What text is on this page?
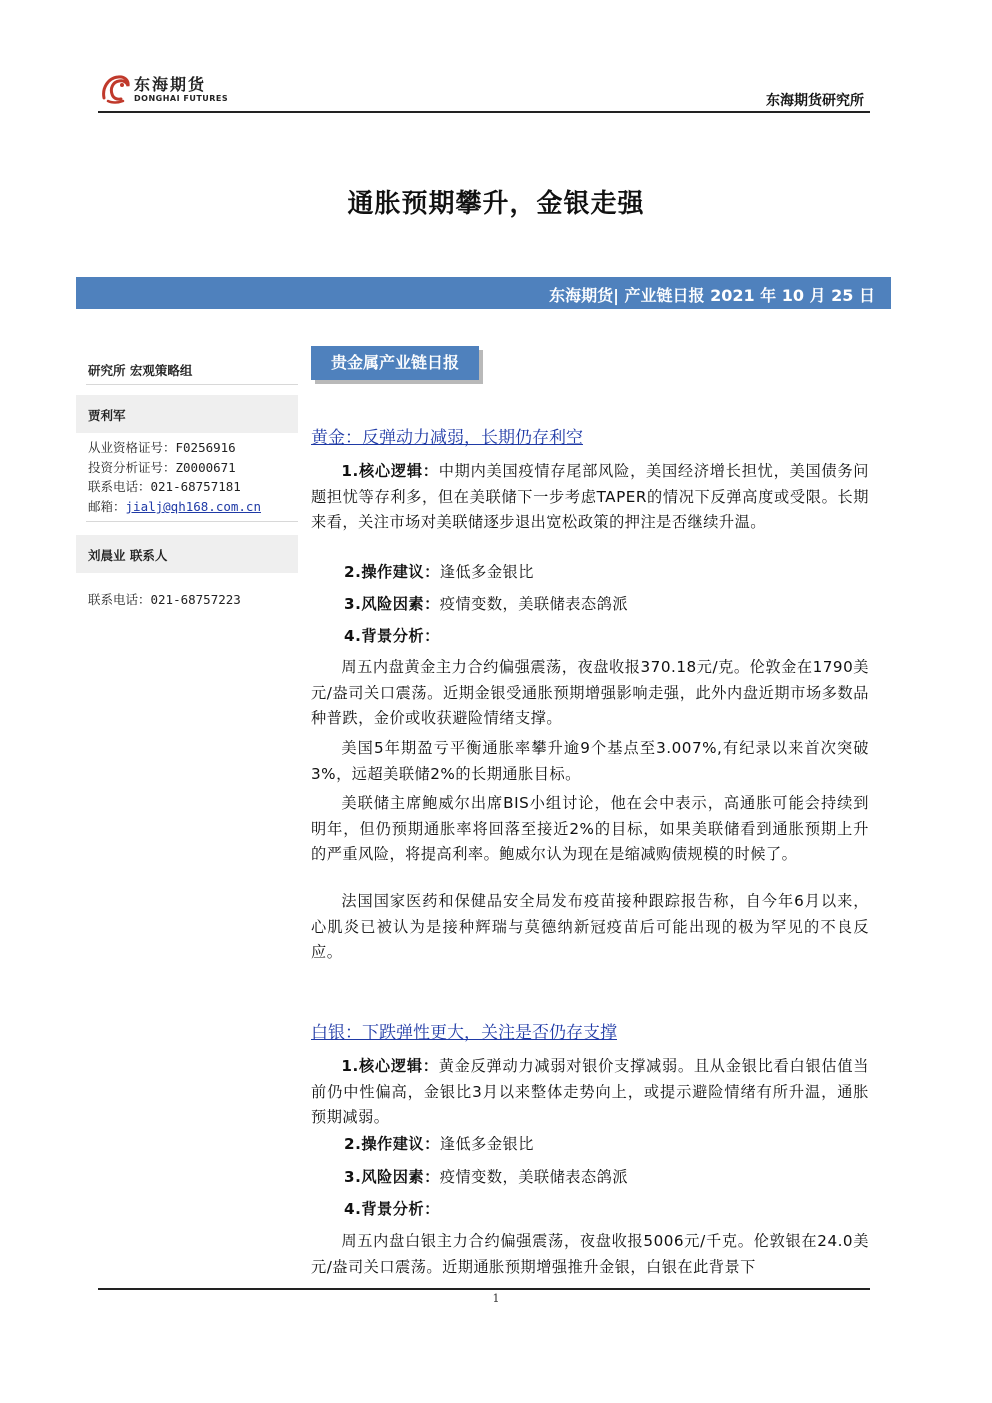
东海期货
DONGHAI FUTURES	东海期货研究所
通胀预期攀升，金银走强
东海期货| 产业链日报 2021 年 10 月 25 日
研究所 宏观策略组
贾利军
从业资格证号：F0256916
投资分析证号：Z0000671
联系电话：021-68757181
邮箱：jialj@qh168.com.cn
刘晨业 联系人
联系电话：021-68757223
贵金属产业链日报
黄金：反弹动力减弱，长期仍存利空
1.核心逻辑：中期内美国疫情存尾部风险，美国经济增长担忧，美国债务问题担忧等存利多，但在美联储下一步考虑TAPER的情况下反弹高度或受限。长期来看，关注市场对美联储逐步退出宽松政策的押注是否继续升温。
2.操作建议：逢低多金银比
3.风险因素：疫情变数，美联储表态鸽派
4.背景分析：
周五内盘黄金主力合约偏强震荡，夜盘收报370.18元/克。伦敦金在1790美元/盎司关口震荡。近期金银受通胀预期增强影响走强，此外内盘近期市场多数品种普跌，金价或收获避险情绪支撑。
美国5年期盈亏平衡通胀率攀升逾9个基点至3.007%,有纪录以来首次突破3%，远超美联储2%的长期通胀目标。
美联储主席鲍威尔出席BIS小组讨论，他在会中表示，高通胀可能会持续到明年，但仍预期通胀率将回落至接近2%的目标，如果美联储看到通胀预期上升的严重风险，将提高利率。鲍威尔认为现在是缩减购债规模的时候了。
法国国家医药和保健品安全局发布疫苗接种跟踪报告称，自今年6月以来，心肌炎已被认为是接种辉瑞与莫德纳新冠疫苗后可能出现的极为罕见的不良反应。
白银：下跌弹性更大，关注是否仍存支撑
1.核心逻辑：黄金反弹动力减弱对银价支撑减弱。且从金银比看白银估值当前仍中性偏高，金银比3月以来整体走势向上，或提示避险情绪有所升温，通胀预期减弱。
2.操作建议：逢低多金银比
3.风险因素：疫情变数，美联储表态鸽派
4.背景分析：
周五内盘白银主力合约偏强震荡，夜盘收报5006元/千克。伦敦银在24.0美元/盎司关口震荡。近期通胀预期增强推升金银，白银在此背景下
1
